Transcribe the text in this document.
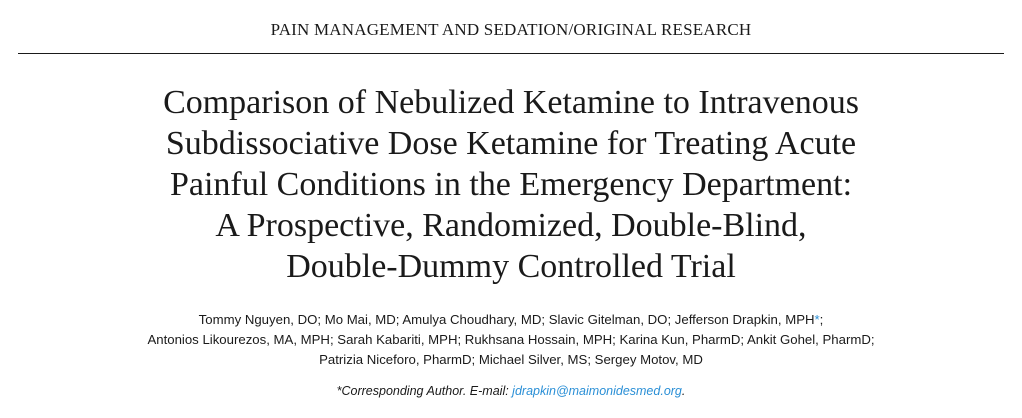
PAIN MANAGEMENT AND SEDATION/ORIGINAL RESEARCH
Comparison of Nebulized Ketamine to Intravenous
Subdissociative Dose Ketamine for Treating Acute
Painful Conditions in the Emergency Department:
A Prospective, Randomized, Double-Blind,
Double-Dummy Controlled Trial
Tommy Nguyen, DO; Mo Mai, MD; Amulya Choudhary, MD; Slavic Gitelman, DO; Jefferson Drapkin, MPH*;
Antonios Likourezos, MA, MPH; Sarah Kabariti, MPH; Rukhsana Hossain, MPH; Karina Kun, PharmD; Ankit Gohel, PharmD;
Patrizia Niceforo, PharmD; Michael Silver, MS; Sergey Motov, MD
*Corresponding Author. E-mail: jdrapkin@maimonidesmed.org.
